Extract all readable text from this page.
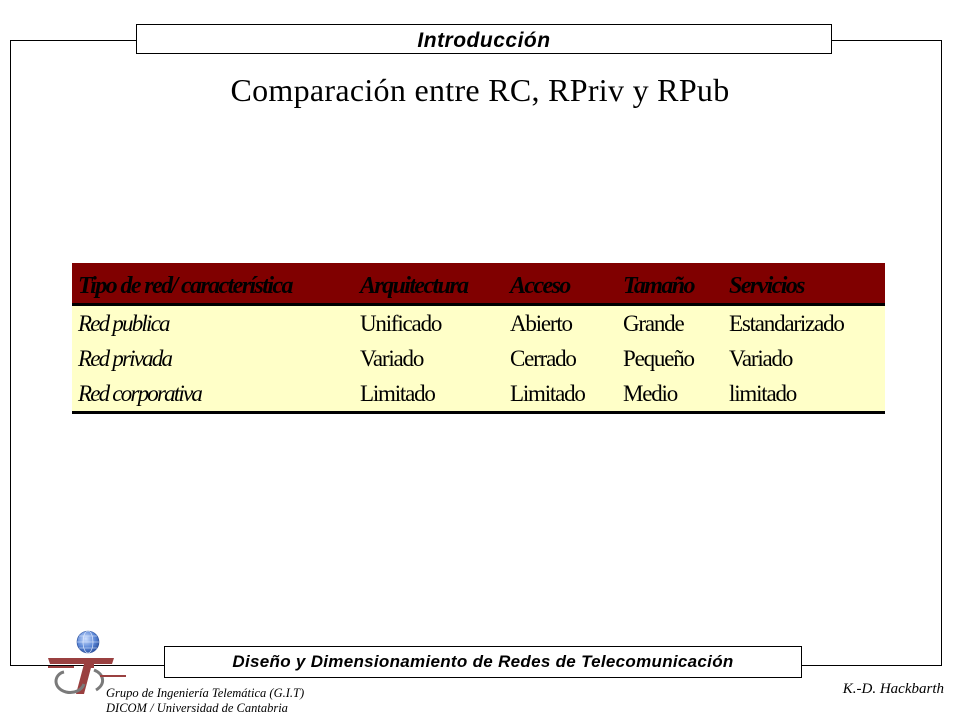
Introducción
Comparación entre RC, RPriv y RPub
Tipo de red/ característica	Arquitectura	Acceso	Tamaño	Servicios
Red publica	Unificado	Abierto	Grande	Estandarizado
Red privada	Variado	Cerrado	Pequeño	Variado
Red corporativa	Limitado	Limitado	Medio	limitado
Diseño y Dimensionamiento de Redes de Telecomunicación
Grupo de Ingeniería Telemática (G.I.T)
DICOM / Universidad de Cantabria
K.-D. Hackbarth
